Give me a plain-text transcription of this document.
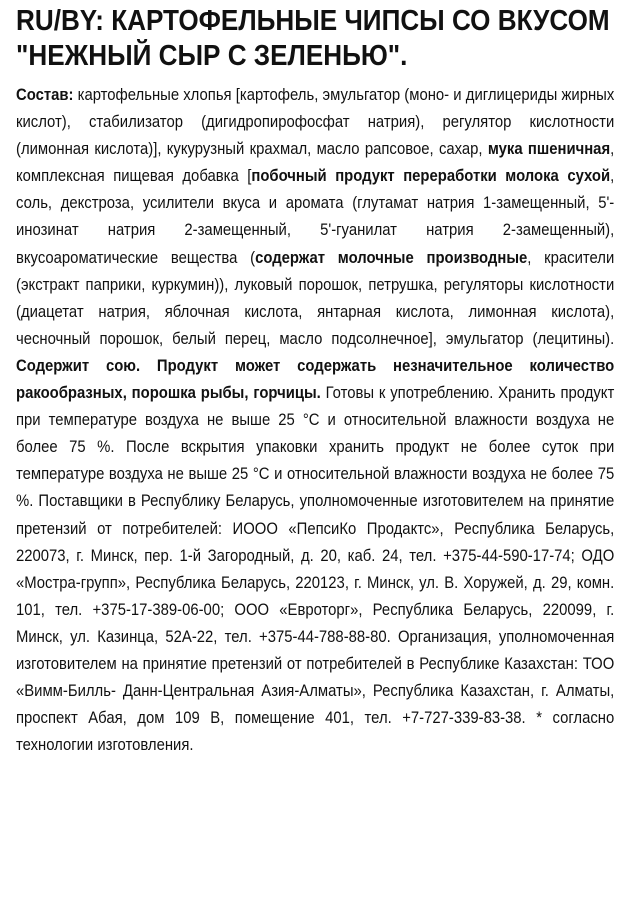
RU/BY: КАРТОФЕЛЬНЫЕ ЧИПСЫ СО ВКУСОМ "НЕЖНЫЙ СЫР С ЗЕЛЕНЬЮ".
Состав: картофельные хлопья [картофель, эмульгатор (моно- и диглицериды жирных кислот), стабилизатор (дигидропирофосфат натрия), регулятор кислотности (лимонная кислота)], кукурузный крахмал, масло рапсовое, сахар, мука пшеничная, комплексная пищевая добавка [побочный продукт переработки молока сухой, соль, декстроза, усилители вкуса и аромата (глутамат натрия 1-замещенный, 5'-инозинат натрия 2-замещенный, 5'-гуанилат натрия 2-замещенный), вкусоароматические вещества (содержат молочные производные, красители (экстракт паприки, куркумин)), луковый порошок, петрушка, регуляторы кислотности (диацетат натрия, яблочная кислота, янтарная кислота, лимонная кислота), чесночный порошок, белый перец, масло подсолнечное], эмульгатор (лецитины). Содержит сою. Продукт может содержать незначительное количество ракообразных, порошка рыбы, горчицы. Готовы к употреблению. Хранить продукт при температуре воздуха не выше 25 °С и относительной влажности воздуха не более 75 %. После вскрытия упаковки хранить продукт не более суток при температуре воздуха не выше 25 °С и относительной влажности воздуха не более 75 %. Поставщики в Республику Беларусь, уполномоченные изготовителем на принятие претензий от потребителей: ИООО «ПепсиКо Продактс», Республика Беларусь, 220073, г. Минск, пер. 1-й Загородный, д. 20, каб. 24, тел. +375-44-590-17-74; ОДО «Мостра-групп», Республика Беларусь, 220123, г. Минск, ул. В. Хоружей, д. 29, комн. 101, тел. +375-17-389-06-00; ООО «Евроторг», Республика Беларусь, 220099, г. Минск, ул. Казинца, 52А-22, тел. +375-44-788-88-80. Организация, уполномоченная изготовителем на принятие претензий от потребителей в Республике Казахстан: ТОО «Вимм-Билль- Данн-Центральная Азия-Алматы», Республика Казахстан, г. Алматы, проспект Абая, дом 109 В, помещение 401, тел. +7-727-339-83-38. * согласно технологии изготовления.
